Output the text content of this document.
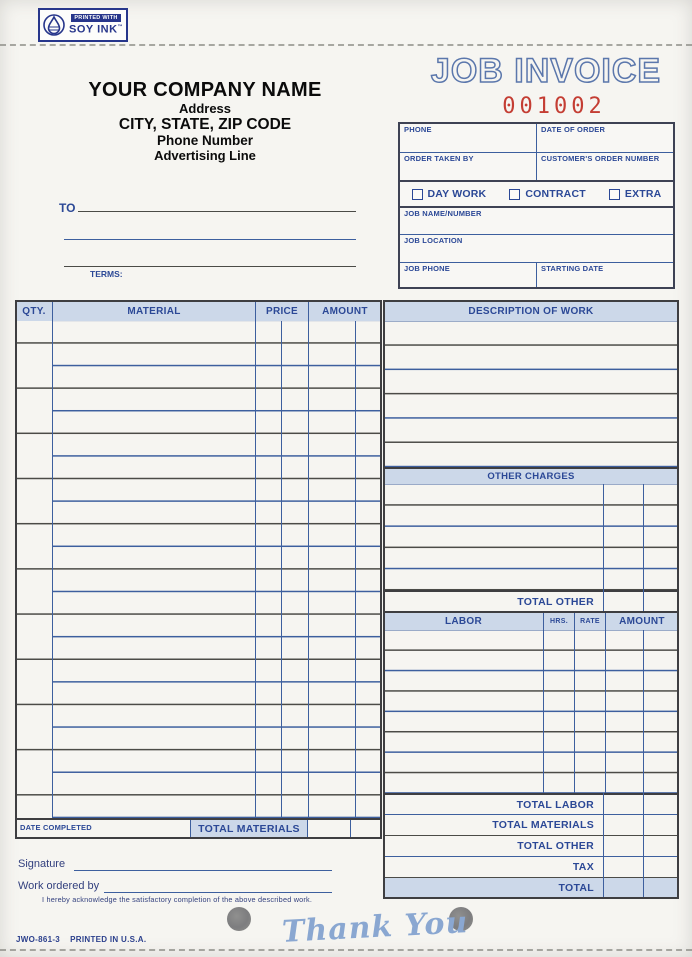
PRINTED WITH
SOY INK™
YOUR COMPANY NAME
Address
CITY, STATE, ZIP CODE
Phone Number
Advertising Line
JOB INVOICE
001002
PHONE	DATE OF ORDER
ORDER TAKEN BY	CUSTOMER'S ORDER NUMBER
DAY WORK	CONTRACT	EXTRA
JOB NAME/NUMBER
JOB LOCATION
JOB PHONE	STARTING DATE
TO
TERMS:
QTY.	MATERIAL	PRICE	AMOUNT
DATE COMPLETED	TOTAL MATERIALS
DESCRIPTION OF WORK
OTHER CHARGES
TOTAL OTHER
LABOR	HRS.	RATE	AMOUNT
TOTAL LABOR
TOTAL MATERIALS
TOTAL OTHER
TAX
TOTAL
Signature
Work ordered by
I hereby acknowledge the satisfactory completion of the above described work.
JWO-861-3 PRINTED IN U.S.A.	Thank You
